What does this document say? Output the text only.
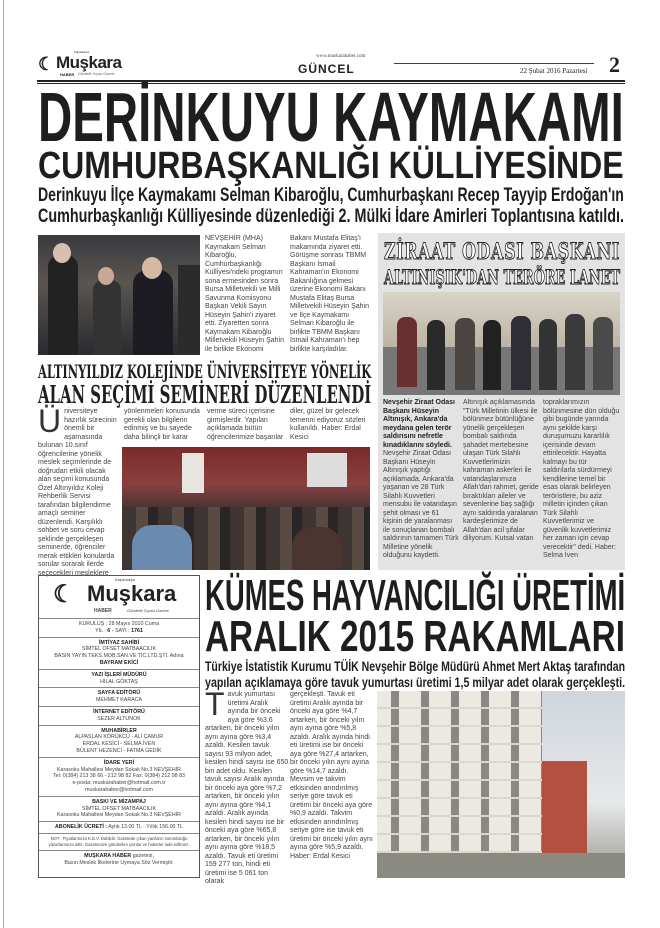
☾
Kapadokya
Muşkara
HABER Gündelik Sıyasi Gazete
www.muskarahaber.com
GÜNCEL	22 Şubat 2016 Pazartesi 2
DERİNKUYU KAYMAKAMI
CUMHURBAŞKANLIĞI KÜLLİYESİNDE
Derinkuyu İlçe Kaymakamı Selman Kibaroğlu, Cumhurbaşkanı Recep Tayyip Erdoğan'ın
Cumhurbaşkanlığı Külliyesinde düzenlediği 2. Mülki İdare Amirleri Toplantısına katıldı.
NEVŞEHİR (MHA) Kaymakam Selman Kibaroğlu, Cumhurbaşkanlığı Külliyesi'ndeki programın sona ermesinden sonra Bursa Milletvekili ve Milli Savunma Komisyonu Başkan Vekili Sayın Hüseyin Şahin'i ziyaret etti. Ziyaretten sonra Kaymakam Kibaroğlu Milletvekili Hüseyin Şahin ile birlikte Ekonomi
Bakanı Mustafa Elitaş'ı makamında ziyaret etti. Görüşme sonrası TBMM Başkanı İsmail Kahraman'ın Ekonomi Bakanlığına gelmesi üzerine Ekonomi Bakanı Mustafa Elitaş Bursa Milletvekili Hüseyin Şahin ve İlçe Kaymakamı Selman Kibaroğlu ile birlikte TBMM Başkanı İsmail Kahraman'ı hep birlikte karşıladılar.
ZİRAAT ODASI BAŞKANI
ALTINIŞIK'DAN TERÖRE LANET
Nevşehir Ziraat Odası Başkanı Hüseyin Altınışık, Ankara'da meydana gelen terör saldırısını nefretle kınadıklarını söyledi. Nevşehir Ziraat Odası Başkanı Hüseyin Altınışık yaptığı açıklamada, Ankara'da yaşanan ve 28 Türk Silahlı Kuvvetleri mensubu ile vatandaşın şehit olması ve 61 kişinin de yaralanması ile sonuçlanan bombalı saldırının tamamen Türk Milletine yönelik olduğunu kaydetti.
Altınışık açıklamasında "Türk Milletinin ülkesi ile bölünmez bütünlüğüne yönelik gerçekleşen bombalı saldırıda şahadet mertebesine ulaşan Türk Silahlı Kuvvetlerimizin kahraman askerleri ile vatandaşlarımıza Allah'dan rahmet, geride bıraktıkları aileler ve sevenlerine baş sağlığı aynı saldırıda yaralanan kardeşlerimize de Allah'dan acil şifalar diliyorum. Kutsal vatan
topraklarımızın bölünmesine dün olduğu gibi bugünde yarında aynı şekilde karşı duruşumuzu kararlılık içerisinde devam ettirilecektir. Hayatta kalmayı bu tür saldırılarla sürdürmeyi kendilerine temel bir esas olarak belirleyen teröristlere, bu aziz milletin içinden çıkan Türk Silahlı Kuvvetlerimiz ve güvenlik kuvvetlerimiz her zaman için cevap verecektir" dedi. Haber: Selma İven
ALTINYILDIZ KOLEJİNDE ÜNİVERSİTEYE YÖNELİK
ALAN SEÇİMİ SEMİNERİ DÜZENLENDİ
Üniversiteye hazırlık sürecinin önemli bir aşamasında bulunan 10.sınıf öğrencilerine yönelik meslek seçimlerinde de doğrudan etkili olacak alan seçimi konusunda Özel Altınyıldız Koleji Rehberlik Servisi tarafından bilgilendirme amaçlı seminer düzenlendi. Karşılıklı sohbet ve soru cevap şeklinde gerçekleşen seminerde, öğrenciler merak ettikleri konularda sorular sorarak ilerde seçecekleri mesleklere
yönlenmeleri konusunda gerekli olan bilgilerin edinmiş ve bu sayede daha bilinçli bir karar
verme süreci içerisine girmişlerdir. Yapılan açıklamada bütün öğrencilerimize başarılar
diler, güzel bir gelecek temenni ediyoruz sözleri kullanıldı. Haber: Erdal Kesici
☾
Kapadokya
Muşkara
HABER	Gündelik Sıyasi Gazete
KURULUŞ : 28 Mayıs 2010 Cuma
YIL : 6 - SAYI : 1761
İMTİYAZ SAHİBİ
SİMTEL OFSET MATBAACILIK
BASIN YAYIN TEKS.MOB.SAN.VE TİC.LTD.ŞTİ. Adına
BAYRAM EKİCİ
YAZI İŞLERİ MÜDÜRÜ
HİLAL GÖKTAŞ
SAYFA EDİTÖRÜ
MEHMET KARACA
İNTERNET EDİTÖRÜ
SEZER ALTUNOK
MUHABİRLER
ALPASLAN KÖRÜKCÜ - ALİ ÇAMUR
ERDAL KESİCİ - SELMA İVEN
BÜLENT HEZENCİ - FATMA GEDİK
İDARE YERİ
Karasoku Mahallesi Meydan Sokak No.3 NEVŞEHİR
Tel: 0(384) 213 38 66 - 212 98 82 Fax: 0(384) 212 98 83
e-posta: muskarahaber@hotmail.com.tr
muskarahaber@hotmail.com
BASKI VE MİZAMPAJ
SİMTEL OFSET MATBAACILIK
Karasoku Mahallesi Meydan Sokak No.3 NEVŞEHİR
ABONELİK ÜCRETİ : Aylık 13.00 TL - Yıllık 156.00 TL
NOT : Fiyatlarımıza K.D.V. Dahildir. Gazetede çıkan yazıların sorumluluğu yazarlarımıza aittir. Gazetemize gönderilen yazılar ve haberler iade edilmez.
MUŞKARA HABER gazetesi,
Basın Meslek İlkelerine Uymaya Söz Vermiştir.
KÜMES HAYVANCILIĞI ÜRETİMİ
ARALIK 2015 RAKAMLARI
Türkiye İstatistik Kurumu TÜİK Nevşehir Bölge Müdürü Ahmet Mert Aktaş tarafından
yapılan açıklamaya göre tavuk yumurtası üretimi 1,5 milyar adet olarak gerçekleşti.
Tavuk yumurtası üretimi Aralık ayında bir önceki aya göre %3,6 artarken, bir önceki yılın aynı ayına göre %3,4 azaldı. Kesilen tavuk sayısı 93 milyon adet, kesilen hindi sayısı ise 650 bin adet oldu. Kesilen tavuk sayısı Aralık ayında bir önceki aya göre %7,2 artarken, bir önceki yılın aynı ayına göre %4,1 azaldı. Aralık ayında kesilen hindi sayısı ise bir önceki aya göre %65,8 artarken, bir önceki yılın aynı ayına göre %18,5 azaldı. Tavuk eti üretimi 159 277 ton, hindi eti üretimi ise 5 061 ton olarak
gerçekleşti. Tavuk eti üretimi Aralık ayında bir önceki aya göre %4,7 artarken, bir önceki yılın aynı ayına göre %5,8 azaldı. Aralık ayında hindi eti üretimi ise bir önceki aya göre %27,4 artarken, bir önceki yılın aynı ayına göre %14,7 azaldı. Mevsim ve takvim etkisinden arındırılmış seriye göre tavuk eti üretimi bir önceki aya göre %0,9 azaldı. Takvim etkisinden arındırılmış seriye göre ise tavuk eti üretimi bir önceki yılın aynı ayına göre %5,9 azaldı. Haber: Erdal Kesici
